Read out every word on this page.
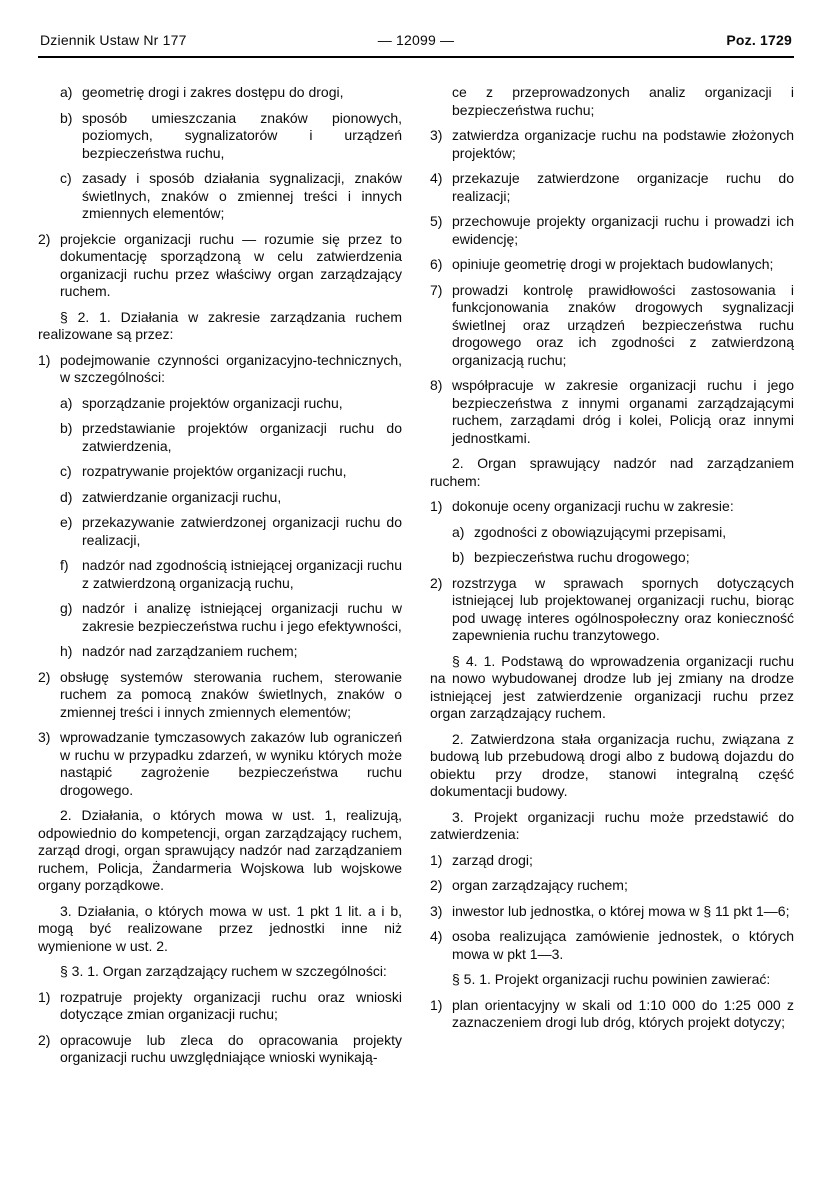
Dziennik Ustaw Nr 177	— 12099 —	Poz. 1729
a) geometrię drogi i zakres dostępu do drogi,
b) sposób umieszczania znaków pionowych, poziomych, sygnalizatorów i urządzeń bezpieczeństwa ruchu,
c) zasady i sposób działania sygnalizacji, znaków świetlnych, znaków o zmiennej treści i innych zmiennych elementów;
2) projekcie organizacji ruchu — rozumie się przez to dokumentację sporządzoną w celu zatwierdzenia organizacji ruchu przez właściwy organ zarządzający ruchem.

§ 2. 1. Działania w zakresie zarządzania ruchem realizowane są przez:

1) podejmowanie czynności organizacyjno-technicznych, w szczególności:
a) sporządzanie projektów organizacji ruchu,
b) przedstawianie projektów organizacji ruchu do zatwierdzenia,
c) rozpatrywanie projektów organizacji ruchu,
d) zatwierdzanie organizacji ruchu,
e) przekazywanie zatwierdzonej organizacji ruchu do realizacji,
f) nadzór nad zgodnością istniejącej organizacji ruchu z zatwierdzoną organizacją ruchu,
g) nadzór i analizę istniejącej organizacji ruchu w zakresie bezpieczeństwa ruchu i jego efektywności,
h) nadzór nad zarządzaniem ruchem;
2) obsługę systemów sterowania ruchem, sterowanie ruchem za pomocą znaków świetlnych, znaków o zmiennej treści i innych zmiennych elementów;
3) wprowadzanie tymczasowych zakazów lub ograniczeń w ruchu w przypadku zdarzeń, w wyniku których może nastąpić zagrożenie bezpieczeństwa ruchu drogowego.

2. Działania, o których mowa w ust. 1, realizują, odpowiednio do kompetencji, organ zarządzający ruchem, zarząd drogi, organ sprawujący nadzór nad zarządzaniem ruchem, Policja, Żandarmeria Wojskowa lub wojskowe organy porządkowe.

3. Działania, o których mowa w ust. 1 pkt 1 lit. a i b, mogą być realizowane przez jednostki inne niż wymienione w ust. 2.

§ 3. 1. Organ zarządzający ruchem w szczególności:

1) rozpatruje projekty organizacji ruchu oraz wnioski dotyczące zmian organizacji ruchu;
2) opracowuje lub zleca do opracowania projekty organizacji ruchu uwzględniające wnioski wynikają-

ce z przeprowadzonych analiz organizacji i bezpieczeństwa ruchu;

3) zatwierdza organizacje ruchu na podstawie złożonych projektów;
4) przekazuje zatwierdzone organizacje ruchu do realizacji;
5) przechowuje projekty organizacji ruchu i prowadzi ich ewidencję;
6) opiniuje geometrię drogi w projektach budowlanych;
7) prowadzi kontrolę prawidłowości zastosowania i funkcjonowania znaków drogowych sygnalizacji świetlnej oraz urządzeń bezpieczeństwa ruchu drogowego oraz ich zgodności z zatwierdzoną organizacją ruchu;
8) współpracuje w zakresie organizacji ruchu i jego bezpieczeństwa z innymi organami zarządzającymi ruchem, zarządami dróg i kolei, Policją oraz innymi jednostkami.

2. Organ sprawujący nadzór nad zarządzaniem ruchem:

1) dokonuje oceny organizacji ruchu w zakresie:
a) zgodności z obowiązującymi przepisami,
b) bezpieczeństwa ruchu drogowego;
2) rozstrzyga w sprawach spornych dotyczących istniejącej lub projektowanej organizacji ruchu, biorąc pod uwagę interes ogólnospołeczny oraz konieczność zapewnienia ruchu tranzytowego.

§ 4. 1. Podstawą do wprowadzenia organizacji ruchu na nowo wybudowanej drodze lub jej zmiany na drodze istniejącej jest zatwierdzenie organizacji ruchu przez organ zarządzający ruchem.

2. Zatwierdzona stała organizacja ruchu, związana z budową lub przebudową drogi albo z budową dojazdu do obiektu przy drodze, stanowi integralną część dokumentacji budowy.

3. Projekt organizacji ruchu może przedstawić do zatwierdzenia:

1) zarząd drogi;
2) organ zarządzający ruchem;
3) inwestor lub jednostka, o której mowa w § 11 pkt 1—6;
4) osoba realizująca zamówienie jednostek, o których mowa w pkt 1—3.

§ 5. 1. Projekt organizacji ruchu powinien zawierać:

1) plan orientacyjny w skali od 1:10 000 do 1:25 000 z zaznaczeniem drogi lub dróg, których projekt dotyczy;
